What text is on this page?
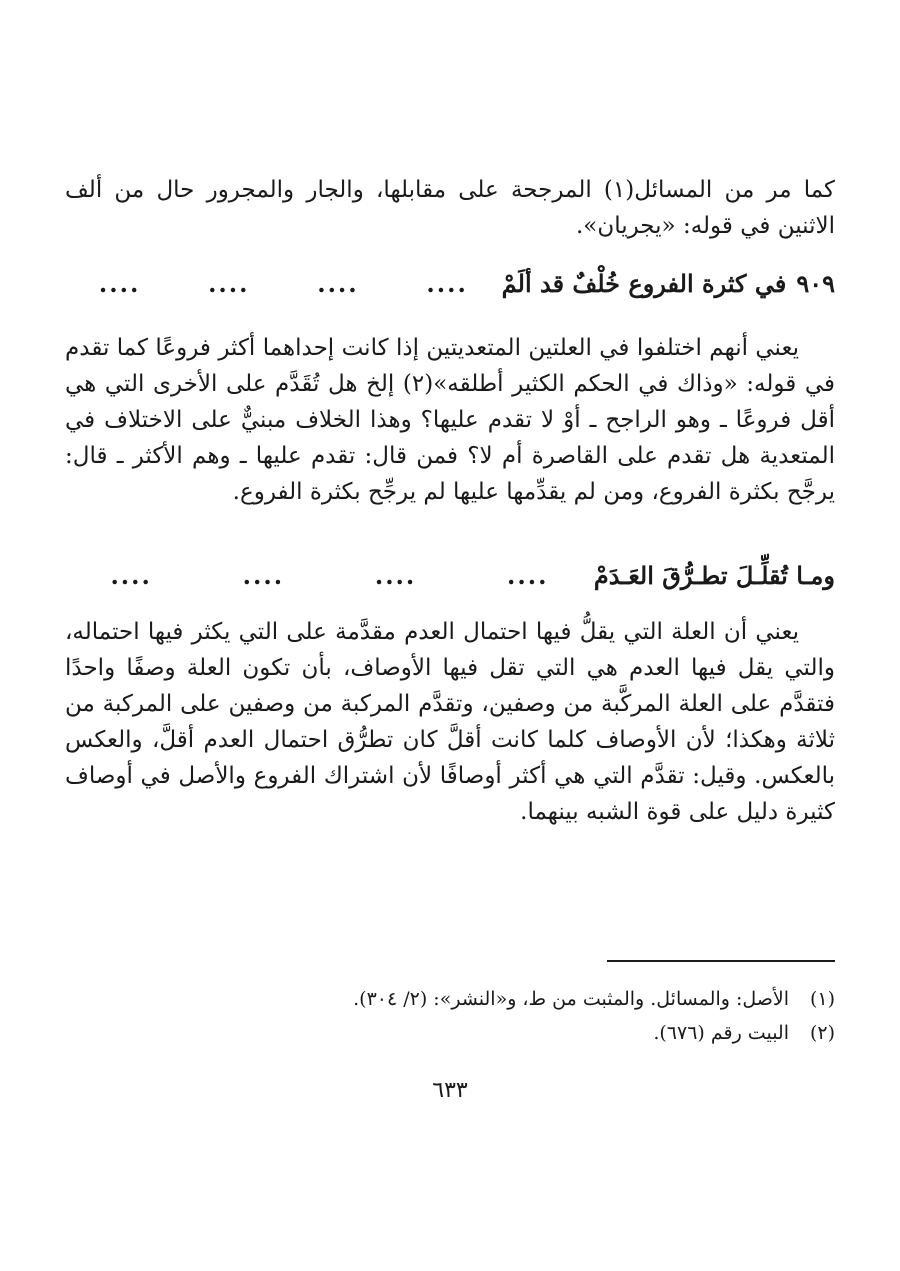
كما مر من المسائل(١) المرجحة على مقابلها، والجار والمجرور حال من ألف الاثنين في قوله: «يجريان».

٩٠٩
في كثرة الفروع خُلْفٌ قد ألَمْ
....
....
....
....

يعني أنهم اختلفوا في العلتين المتعديتين إذا كانت إحداهما أكثر فروعًا كما تقدم في قوله: «وذاك في الحكم الكثير أطلقه»(٢) إلخ هل تُقَدَّم على الأخرى التي هي أقل فروعًا ـ وهو الراجح ـ أوْ لا تقدم عليها؟ وهذا الخلاف مبنيٌّ على الاختلاف في المتعدية هل تقدم على القاصرة أم لا؟ فمن قال: تقدم عليها ـ وهم الأكثر ـ قال: يرجَّح بكثرة الفروع، ومن لم يقدِّمها عليها لم يرجِّح بكثرة الفروع.

ومـا تُقلِّـلَ تطـرُّقَ العَـدَمْ
....
....
....
....

يعني أن العلة التي يقلُّ فيها احتمال العدم مقدَّمة على التي يكثر فيها احتماله، والتي يقل فيها العدم هي التي تقل فيها الأوصاف، بأن تكون العلة وصفًا واحدًا فتقدَّم على العلة المركَّبة من وصفين، وتقدَّم المركبة من وصفين على المركبة من ثلاثة وهكذا؛ لأن الأوصاف كلما كانت أقلَّ كان تطرُّق احتمال العدم أقلَّ، والعكس بالعكس. وقيل: تقدَّم التي هي أكثر أوصافًا لأن اشتراك الفروع والأصل في أوصاف كثيرة دليل على قوة الشبه بينهما.

(١)
الأصل: والمسائل. والمثبت من ط، و«النشر»: (٢/ ٣٠٤).

(٢)
البيت رقم (٦٧٦).

٦٣٣
